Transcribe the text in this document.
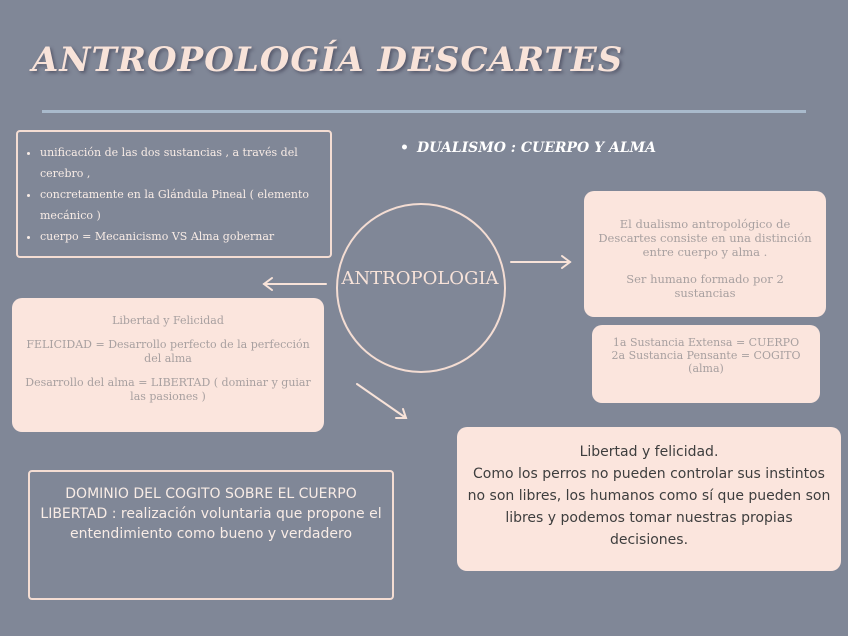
ANTROPOLOGÍA DESCARTES
• unificación de las dos sustancias , a través del cerebro ,
• concretamente en la Glándula Pineal ( elemento mecánico )
• cuerpo = Mecanicismo VS Alma gobernar
• DUALISMO : CUERPO Y ALMA
ANTROPOLOGIA

El dualismo antropológico de Descartes consiste en una distinción entre cuerpo y alma .

Ser humano formado por 2 sustancias

1a Sustancia Extensa = CUERPO
2a Sustancia Pensante = COGITO (alma)

Libertad y Felicidad

FELICIDAD = Desarrollo perfecto de la perfección del alma

Desarrollo del alma = LIBERTAD ( dominar y guiar las pasiones )

Libertad y felicidad.
Como los perros no pueden controlar sus instintos no son libres, los humanos como sí que pueden son libres y podemos tomar nuestras propias decisiones.
DOMINIO DEL COGITO SOBRE EL CUERPO
LIBERTAD : realización voluntaria que propone el entendimiento como bueno y verdadero
